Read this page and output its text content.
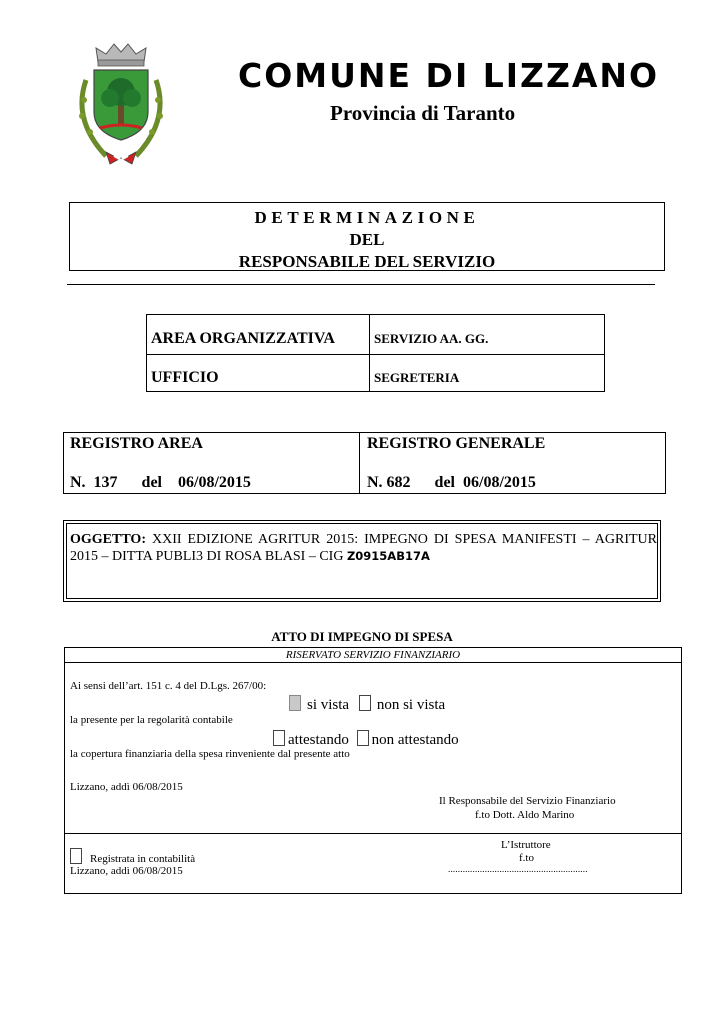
COMUNE DI LIZZANO
Provincia di Taranto
DETERMINAZIONE
DEL
RESPONSABILE DEL SERVIZIO
AREA ORGANIZZATIVA	SERVIZIO AA. GG.
UFFICIO	SEGRETERIA
REGISTRO AREA
N.  137      del    06/08/2015
REGISTRO GENERALE
N. 682      del  06/08/2015
OGGETTO: XXII EDIZIONE AGRITUR 2015: IMPEGNO DI SPESA MANIFESTI – AGRITUR 2015 – DITTA PUBLI3 DI ROSA BLASI – CIG Z0915AB17A
ATTO DI IMPEGNO DI SPESA
RISERVATO SERVIZIO FINANZIARIO
Ai sensi dell’art. 151 c. 4 del D.Lgs. 267/00:
si vista non si vista
la presente per la regolarità contabile
attestando non attestando
la copertura finanziaria della spesa rinveniente dal presente atto
Lizzano, addì 06/08/2015
Il Responsabile del Servizio Finanziario
f.to Dott. Aldo Marino
L’Istruttore
f.to
Registrata in contabilità
Lizzano, addì 06/08/2015	.........................................................
